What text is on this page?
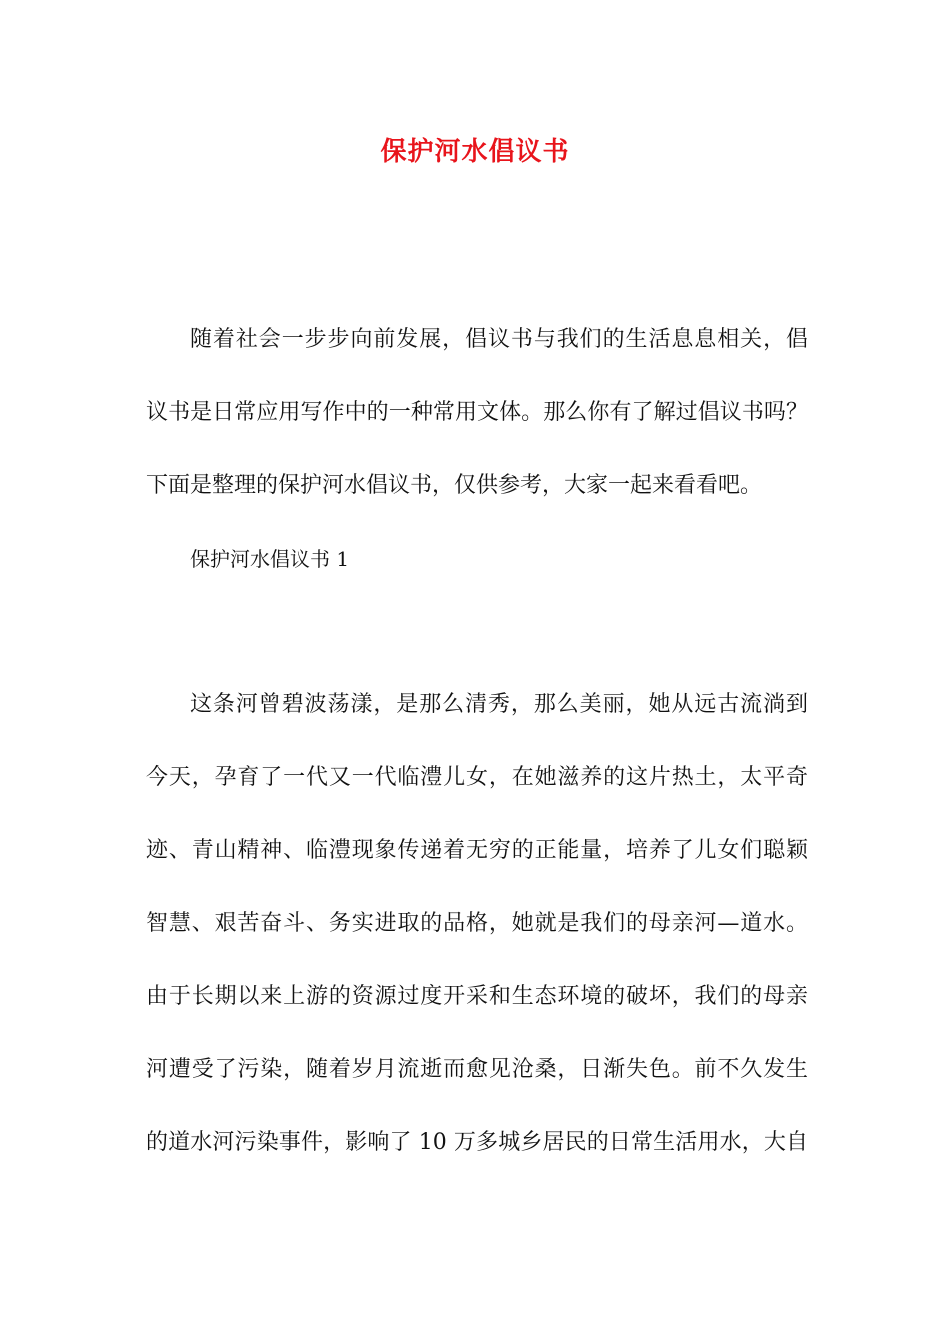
保护河水倡议书
随着社会一步步向前发展，倡议书与我们的生活息息相关，倡
议书是日常应用写作中的一种常用文体。那么你有了解过倡议书吗？
下面是整理的保护河水倡议书，仅供参考，大家一起来看看吧。
保护河水倡议书 1
这条河曾碧波荡漾，是那么清秀，那么美丽，她从远古流淌到
今天，孕育了一代又一代临澧儿女，在她滋养的这片热土，太平奇
迹、青山精神、临澧现象传递着无穷的正能量，培养了儿女们聪颖
智慧、艰苦奋斗、务实进取的品格，她就是我们的母亲河—道水。
由于长期以来上游的资源过度开采和生态环境的破坏，我们的母亲
河遭受了污染，随着岁月流逝而愈见沧桑，日渐失色。前不久发生
的道水河污染事件，影响了 10 万多城乡居民的日常生活用水，大自
